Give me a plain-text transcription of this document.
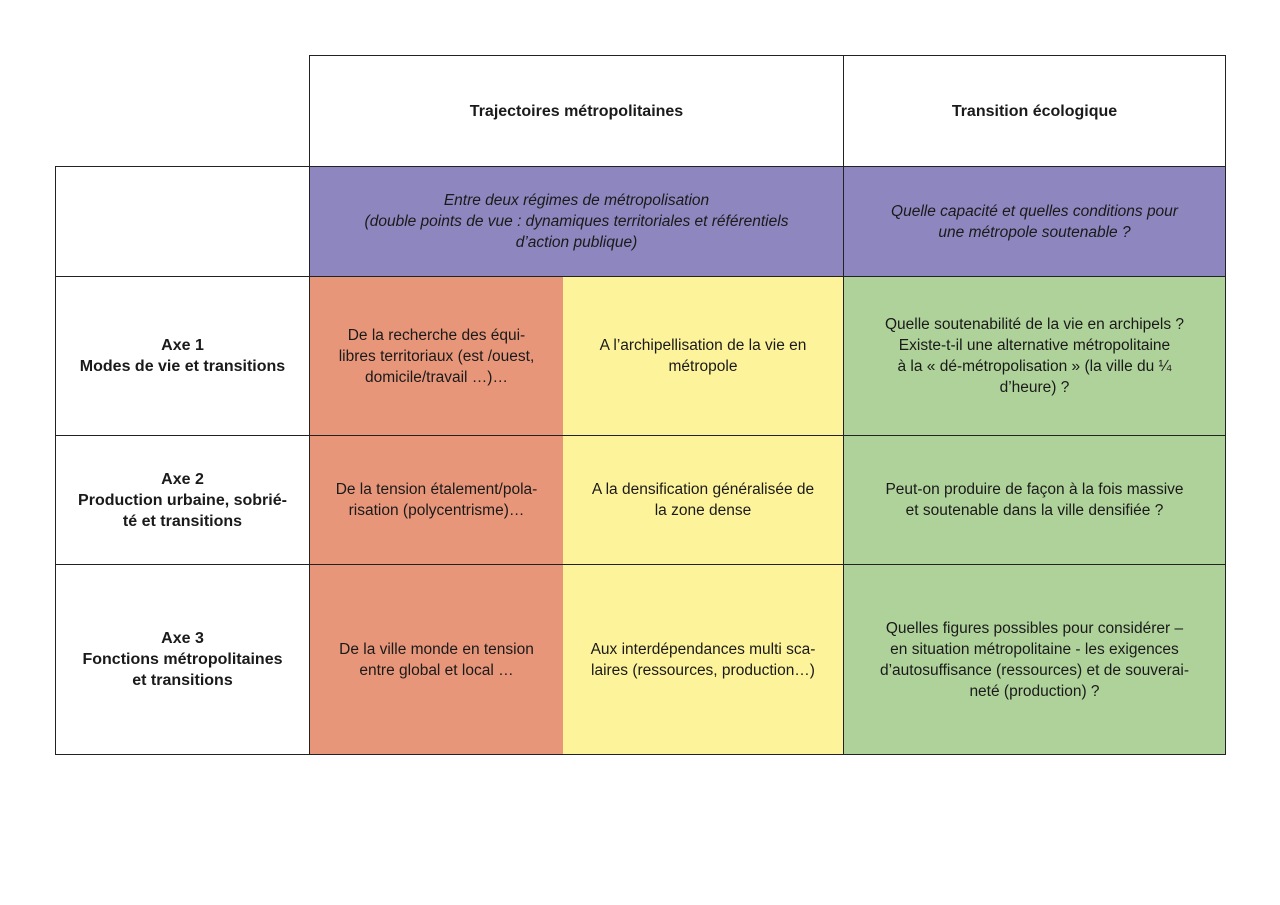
Trajectoires métropolitaines	Transition écologique
Entre deux régimes de métropolisation
(double points de vue : dynamiques territoriales et référentiels
d’action publique)
Quelle capacité et quelles conditions pour
une métropole soutenable ?
Axe 1
Modes de vie et transitions
De la recherche des équi-
libres territoriaux (est /ouest,
domicile/travail …)…
A l’archipellisation de la vie en
métropole
Quelle soutenabilité de la vie en archipels ?
Existe-t-il une alternative métropolitaine
à la « dé-métropolisation » (la ville du ¼
d’heure) ?
Axe 2
Production urbaine, sobrié-
té et transitions
De la tension étalement/pola-
risation (polycentrisme)…
A la densification généralisée de
la zone dense
Peut-on produire de façon à la fois massive
et soutenable dans la ville densifiée ?
Axe 3
Fonctions métropolitaines
et transitions
De la ville monde en tension
entre global et local …
Aux interdépendances multi sca-
laires (ressources, production…)
Quelles figures possibles pour considérer –
en situation métropolitaine - les exigences
d’autosuffisance (ressources) et de souverai-
neté (production) ?
